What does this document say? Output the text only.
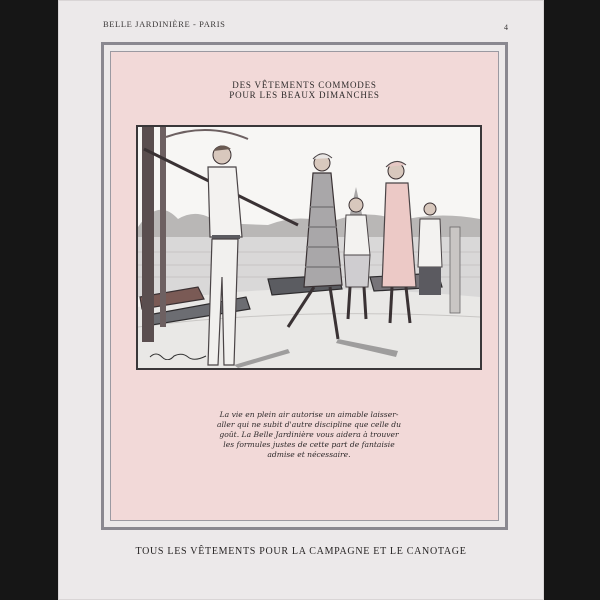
BELLE JARDINIÈRE - PARIS	4
DES VÊTEMENTS COMMODES
POUR LES BEAUX DIMANCHES
La vie en plein air autorise un aimable laisser-
aller qui ne subit d'autre discipline que celle du
goût. La Belle Jardinière vous aidera à trouver
les formules justes de cette part de fantaisie
admise et nécessaire.
TOUS LES VÊTEMENTS POUR LA CAMPAGNE ET LE CANOTAGE
